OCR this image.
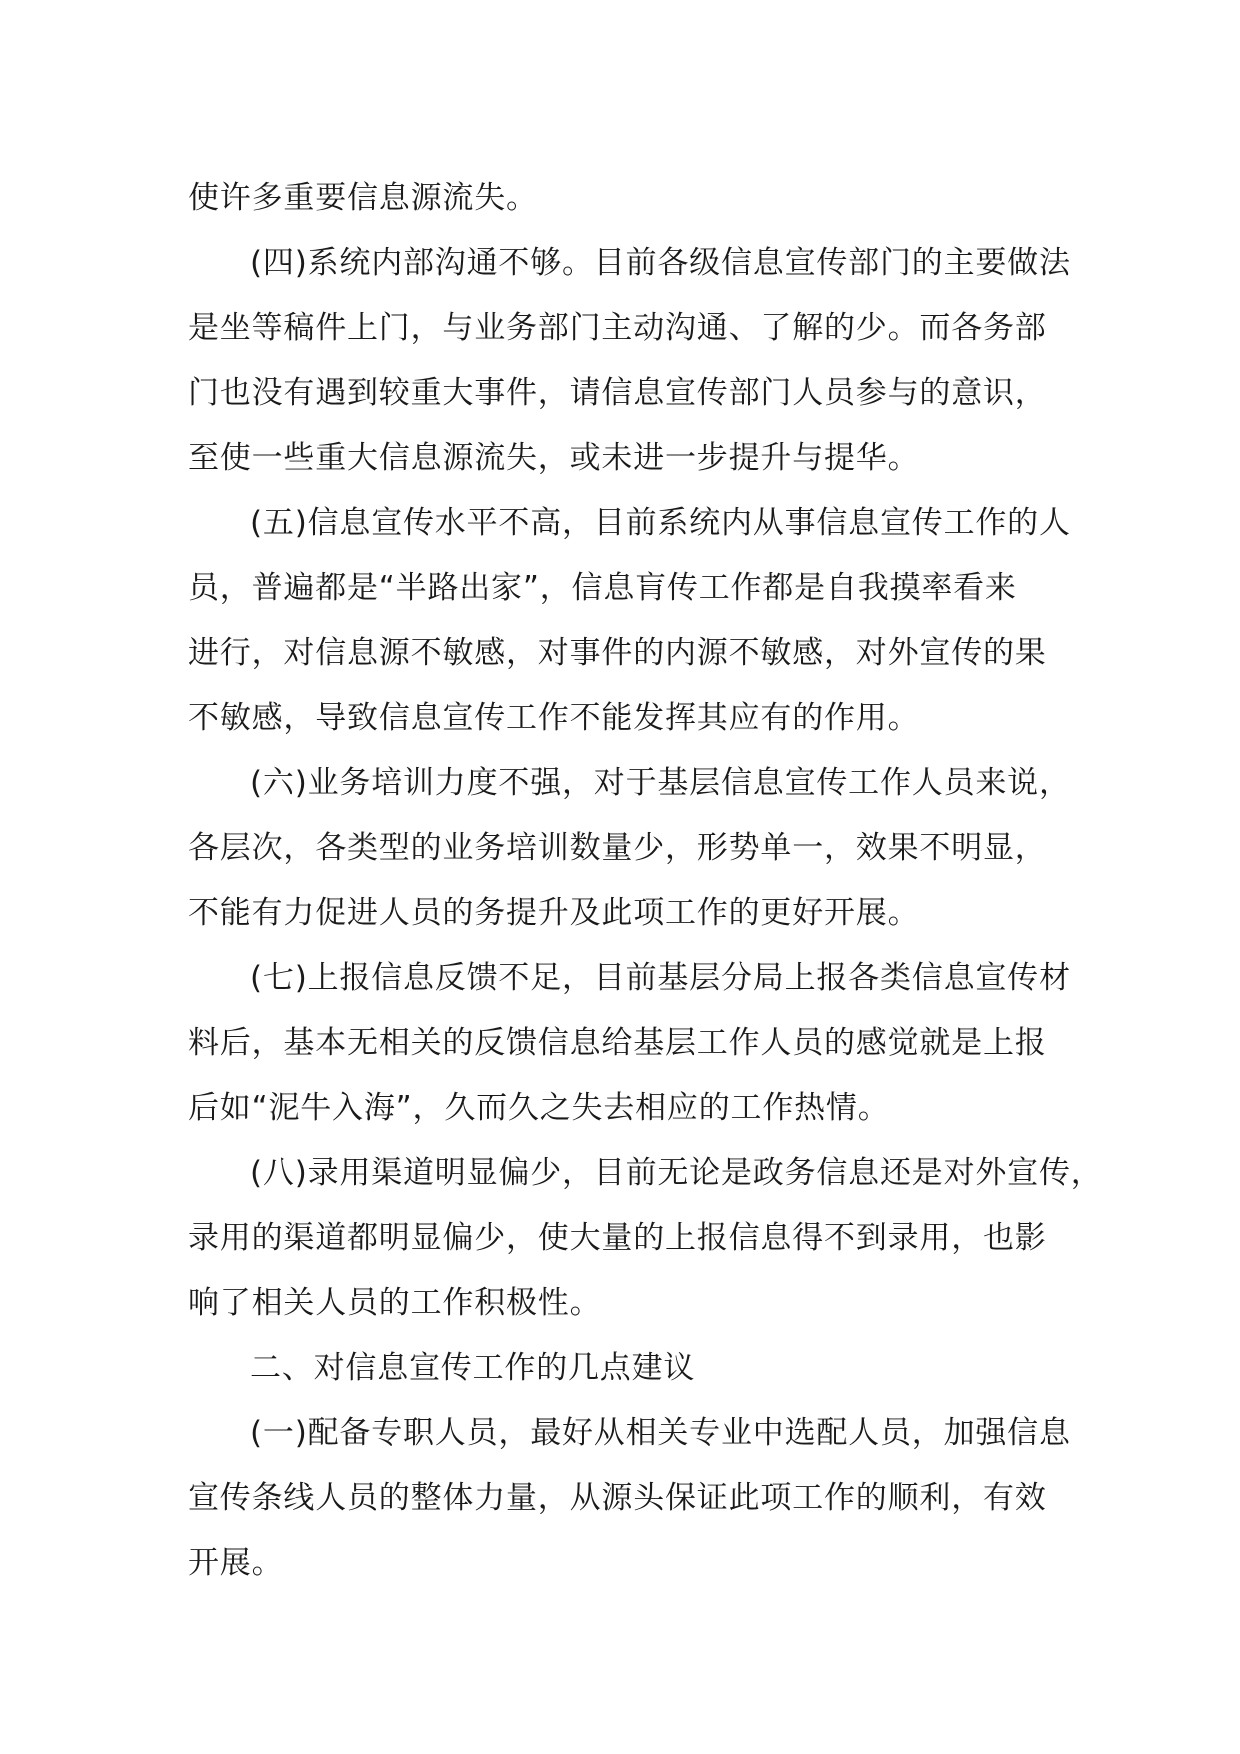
使许多重要信息源流失。
(四)系统内部沟通不够。目前各级信息宣传部门的主要做法
是坐等稿件上门，与业务部门主动沟通、了解的少。而各务部
门也没有遇到较重大事件，请信息宣传部门人员参与的意识，
至使一些重大信息源流失，或未进一步提升与提华。
(五)信息宣传水平不高，目前系统内从事信息宣传工作的人
员，普遍都是“半路出家”，信息肓传工作都是自我摸率看来
进行，对信息源不敏感，对事件的内源不敏感，对外宣传的果
不敏感，导致信息宣传工作不能发挥其应有的作用。
(六)业务培训力度不强，对于基层信息宣传工作人员来说，
各层次，各类型的业务培训数量少，形势单一，效果不明显，
不能有力促进人员的务提升及此项工作的更好开展。
(七)上报信息反馈不足，目前基层分局上报各类信息宣传材
料后，基本无相关的反馈信息给基层工作人员的感觉就是上报
后如“泥牛入海”，久而久之失去相应的工作热情。
(八)录用渠道明显偏少，目前无论是政务信息还是对外宣传，
录用的渠道都明显偏少，使大量的上报信息得不到录用，也影
响了相关人员的工作积极性。
二、对信息宣传工作的几点建议
(一)配备专职人员，最好从相关专业中选配人员，加强信息
宣传条线人员的整体力量，从源头保证此项工作的顺利，有效
开展。
